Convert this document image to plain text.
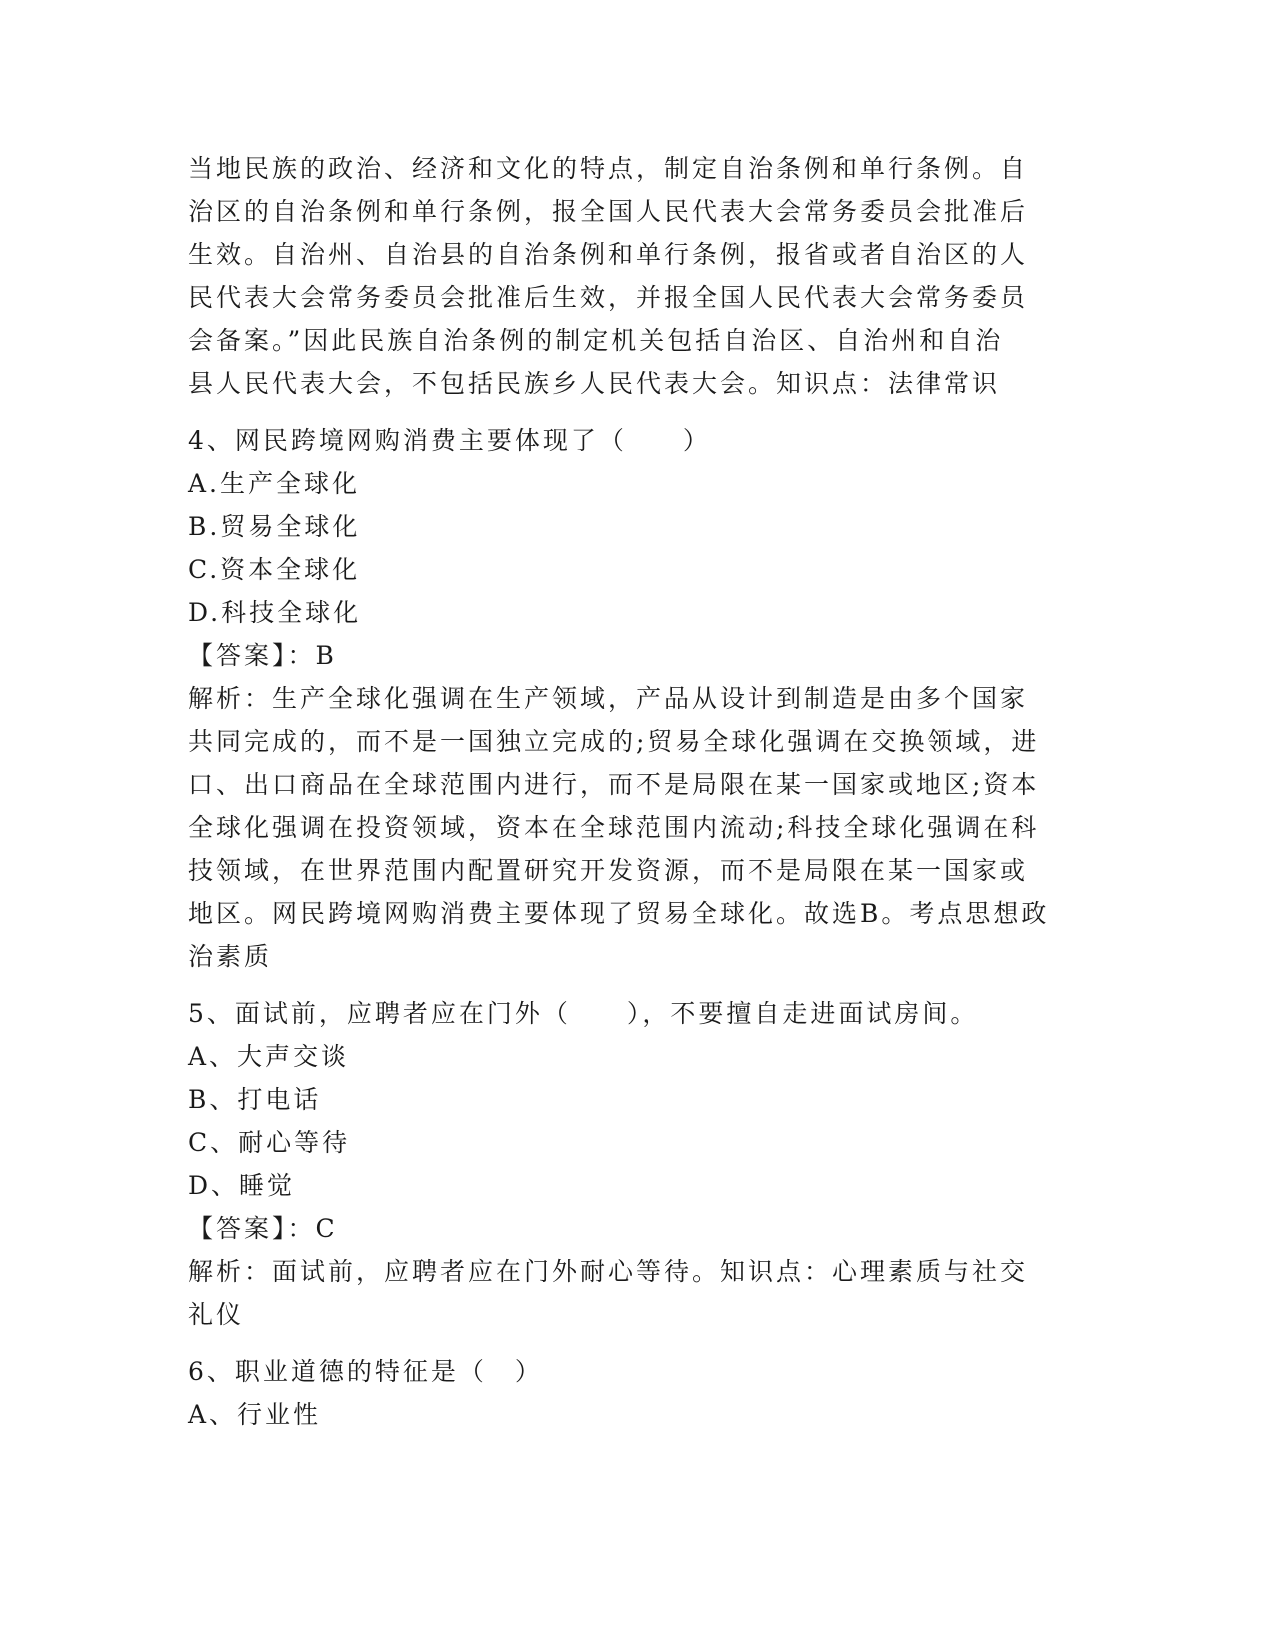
当地民族的政治、经济和文化的特点，制定自治条例和单行条例。自
治区的自治条例和单行条例，报全国人民代表大会常务委员会批准后
生效。自治州、自治县的自治条例和单行条例，报省或者自治区的人
民代表大会常务委员会批准后生效，并报全国人民代表大会常务委员
会备案。”因此民族自治条例的制定机关包括自治区、自治州和自治
县人民代表大会，不包括民族乡人民代表大会。知识点：法律常识
4、网民跨境网购消费主要体现了（　　）
A.生产全球化
B.贸易全球化
C.资本全球化
D.科技全球化
【答案】：B
解析：生产全球化强调在生产领域，产品从设计到制造是由多个国家
共同完成的，而不是一国独立完成的;贸易全球化强调在交换领域，进
口、出口商品在全球范围内进行，而不是局限在某一国家或地区;资本
全球化强调在投资领域，资本在全球范围内流动;科技全球化强调在科
技领域，在世界范围内配置研究开发资源，而不是局限在某一国家或
地区。网民跨境网购消费主要体现了贸易全球化。故选B。考点思想政
治素质
5、面试前，应聘者应在门外（　　），不要擅自走进面试房间。
A、大声交谈
B、打电话
C、耐心等待
D、睡觉
【答案】：C
解析：面试前，应聘者应在门外耐心等待。知识点：心理素质与社交
礼仪
6、职业道德的特征是（　）
A、行业性
